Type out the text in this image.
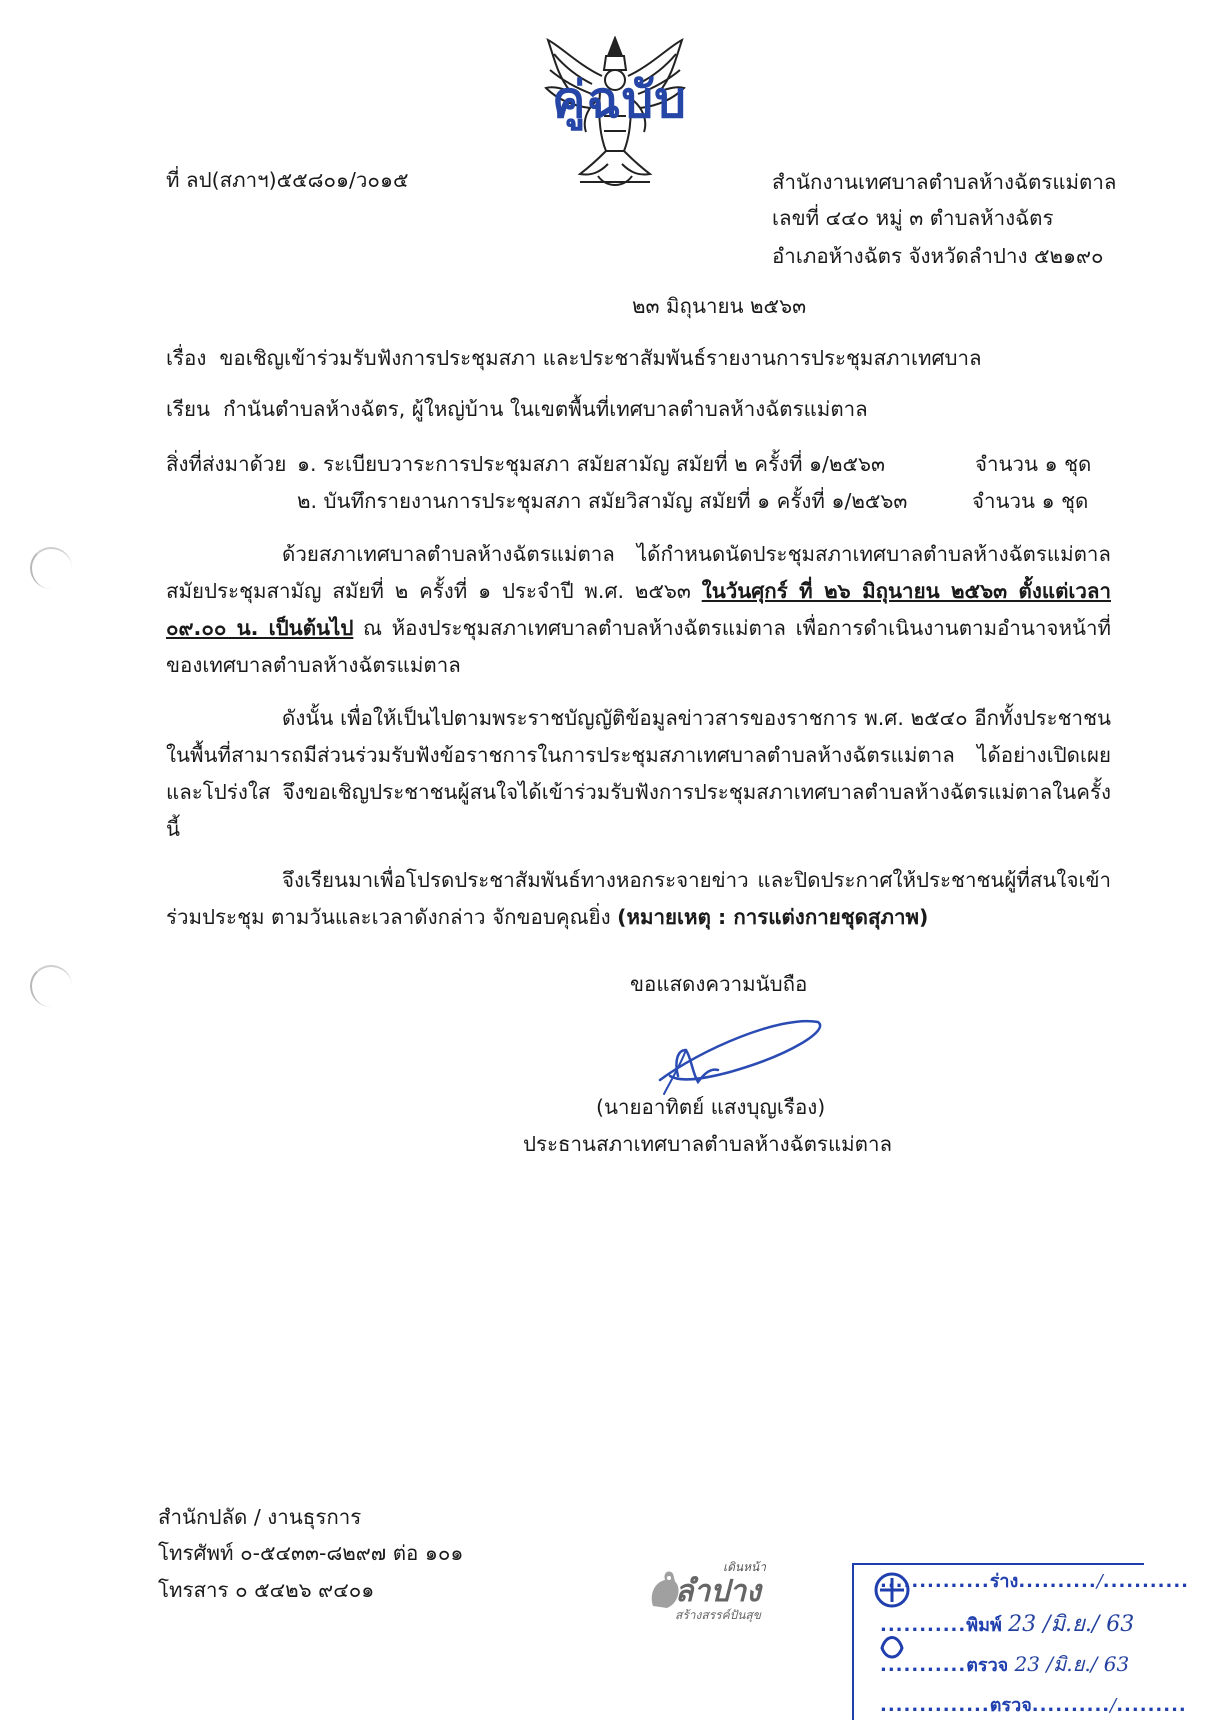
คู่ฉบับ
ที่ ลป(สภาฯ)๕๕๘๐๑/ว๐๑๕	สำนักงานเทศบาลตำบลห้างฉัตรแม่ตาล
เลขที่ ๔๔๐ หมู่ ๓ ตำบลห้างฉัตร
อำเภอห้างฉัตร จังหวัดลำปาง ๕๒๑๙๐
๒๓ มิถุนายน ๒๕๖๓
เรื่อง ขอเชิญเข้าร่วมรับฟังการประชุมสภา และประชาสัมพันธ์รายงานการประชุมสภาเทศบาล
เรียน กำนันตำบลห้างฉัตร, ผู้ใหญ่บ้าน ในเขตพื้นที่เทศบาลตำบลห้างฉัตรแม่ตาล
สิ่งที่ส่งมาด้วย ๑. ระเบียบวาระการประชุมสภา สมัยสามัญ สมัยที่ ๒ ครั้งที่ ๑/๒๕๖๓	จำนวน ๑ ชุด
๒. บันทึกรายงานการประชุมสภา สมัยวิสามัญ สมัยที่ ๑ ครั้งที่ ๑/๒๕๖๓	จำนวน ๑ ชุด
ด้วยสภาเทศบาลตำบลห้างฉัตรแม่ตาล ได้กำหนดนัดประชุมสภาเทศบาลตำบลห้างฉัตรแม่ตาล สมัยประชุมสามัญ สมัยที่ ๒ ครั้งที่ ๑ ประจำปี พ.ศ. ๒๕๖๓ ในวันศุกร์ ที่ ๒๖ มิถุนายน ๒๕๖๓ ตั้งแต่เวลา ๐๙.๐๐ น. เป็นต้นไป ณ ห้องประชุมสภาเทศบาลตำบลห้างฉัตรแม่ตาล เพื่อการดำเนินงานตามอำนาจหน้าที่ของเทศบาลตำบลห้างฉัตรแม่ตาล
ดังนั้น เพื่อให้เป็นไปตามพระราชบัญญัติข้อมูลข่าวสารของราชการ พ.ศ. ๒๕๔๐ อีกทั้งประชาชนในพื้นที่สามารถมีส่วนร่วมรับฟังข้อราชการในการประชุมสภาเทศบาลตำบลห้างฉัตรแม่ตาล ได้อย่างเปิดเผยและโปร่งใส จึงขอเชิญประชาชนผู้สนใจได้เข้าร่วมรับฟังการประชุมสภาเทศบาลตำบลห้างฉัตรแม่ตาลในครั้งนี้
จึงเรียนมาเพื่อโปรดประชาสัมพันธ์ทางหอกระจายข่าว และปิดประกาศให้ประชาชนผู้ที่สนใจเข้าร่วมประชุม ตามวันและเวลาดังกล่าว จักขอบคุณยิ่ง (หมายเหตุ : การแต่งกายชุดสุภาพ)
ขอแสดงความนับถือ
(นายอาทิตย์ แสงบุญเรือง)
ประธานสภาเทศบาลตำบลห้างฉัตรแม่ตาล
สำนักปลัด / งานธุรการ
โทรศัพท์ ๐-๕๔๓๓-๘๒๙๗ ต่อ ๑๐๑
โทรสาร ๐ ๕๔๒๖ ๙๔๐๑
เดินหน้า
ลำปาง
สร้างสรรค์ปันสุข
..............ร่าง........../...........
...........พิมพ์ 23 /มิ.ย./ 63
...........ตรวจ 23 /มิ.ย./ 63
..............ตรวจ........../.........
